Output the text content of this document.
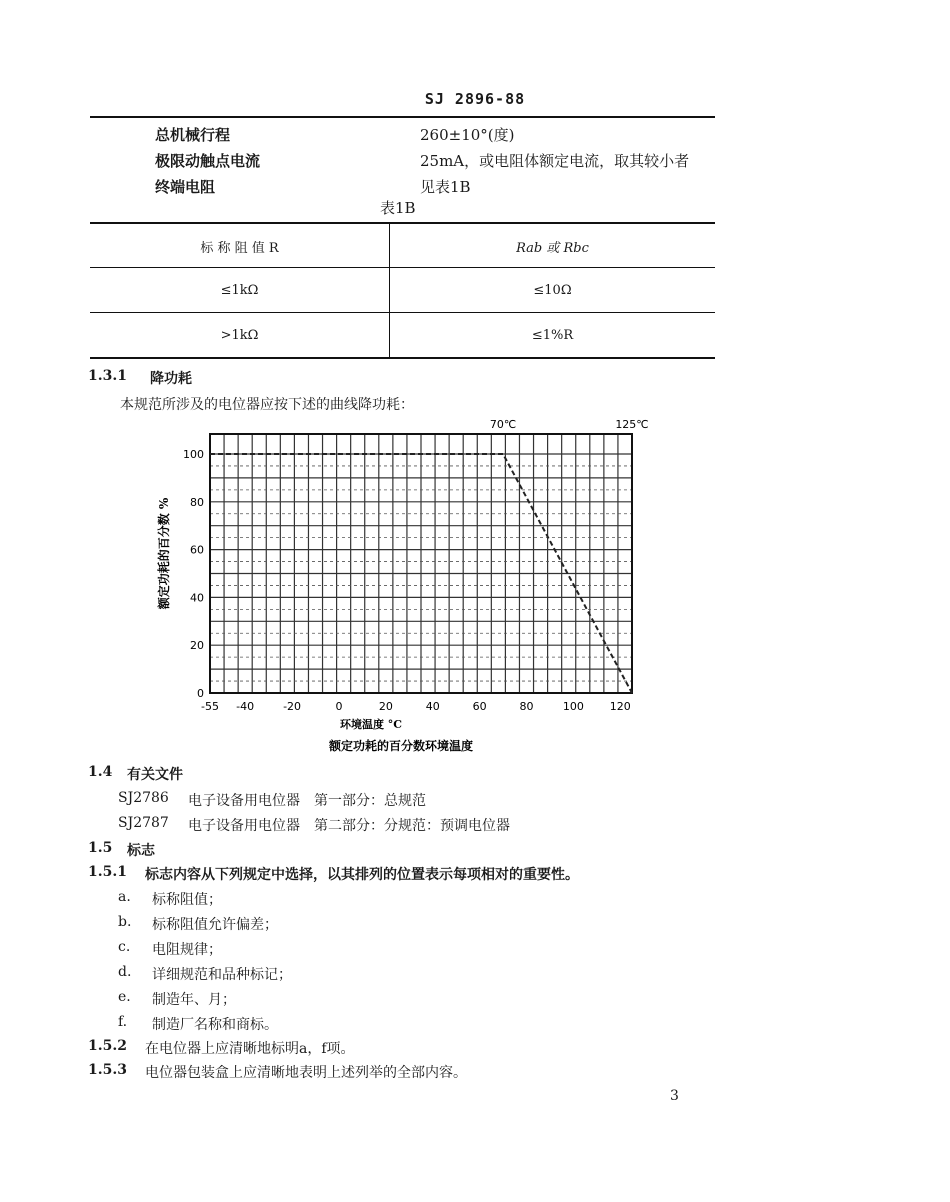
SJ 2896-88
总机械行程	260±10°(度)
极限动触点电流	25mA，或电阻体额定电流，取其较小者
终端电阻	见表1B
表1B
标 称 阻 值 R	Rab 或 Rbc
≤1kΩ	≤10Ω
>1kΩ	≤1%R
1.3.1 降功耗
本规范所涉及的电位器应按下述的曲线降功耗：
0
20
40
60
80
100
-55 -40	-20	0	20	40	60	80	100 120
70℃	125℃
环境温度 °C
额定功耗的百分数 %
额定功耗的百分数环境温度
1.4 有关文件
SJ2786 电子设备用电位器　第一部分：总规范
SJ2787 电子设备用电位器　第二部分：分规范：预调电位器
1.5 标志
1.5.1 标志内容从下列规定中选择，以其排列的位置表示每项相对的重要性。
a. 标称阻值；
b. 标称阻值允许偏差；
c. 电阻规律；
d. 详细规范和品种标记；
e. 制造年、月；
f. 制造厂名称和商标。
1.5.2 在电位器上应清晰地标明a，f项。
1.5.3 电位器包装盒上应清晰地表明上述列举的全部内容。
3
